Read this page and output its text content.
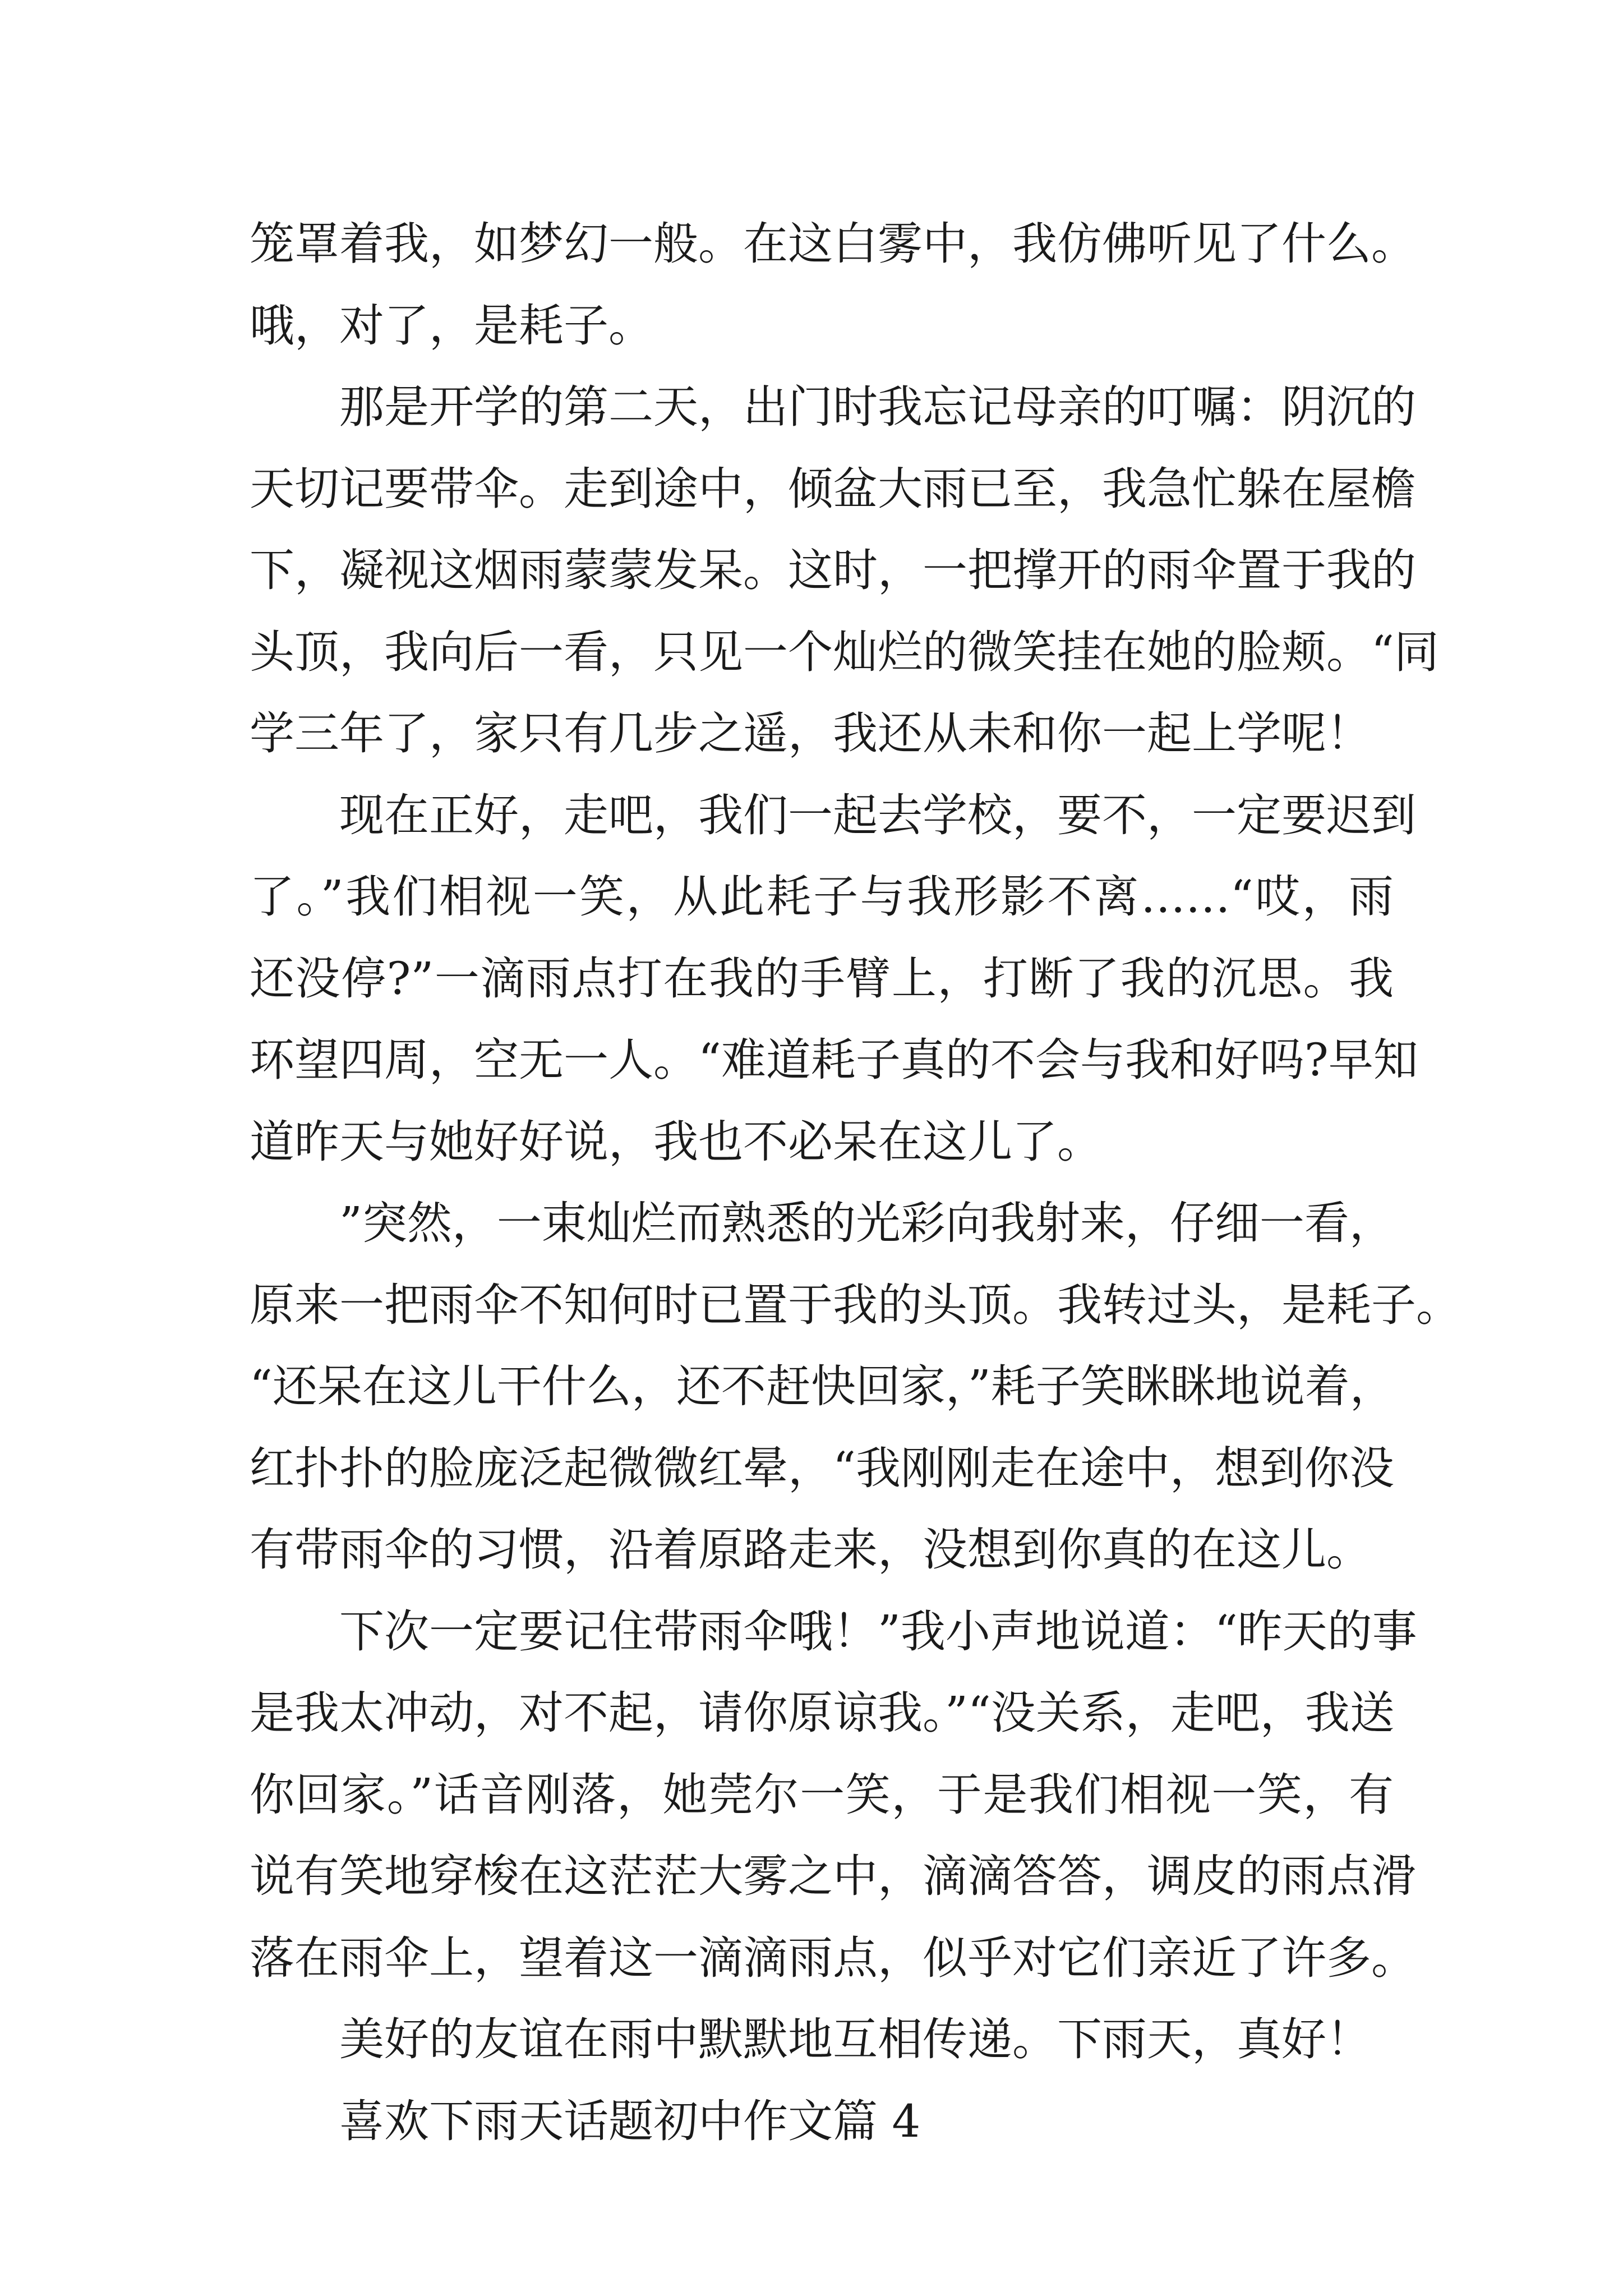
笼罩着我，如梦幻一般。在这白雾中，我仿佛听见了什么。
哦，对了，是耗子。
那是开学的第二天，出门时我忘记母亲的叮嘱：阴沉的
天切记要带伞。走到途中，倾盆大雨已至，我急忙躲在屋檐
下，凝视这烟雨蒙蒙发呆。这时，一把撑开的雨伞置于我的
头顶，我向后一看，只见一个灿烂的微笑挂在她的脸颊。“同
学三年了，家只有几步之遥，我还从未和你一起上学呢！
现在正好，走吧，我们一起去学校，要不，一定要迟到
了。”我们相视一笑，从此耗子与我形影不离……“哎，雨
还没停?”一滴雨点打在我的手臂上，打断了我的沉思。我
环望四周，空无一人。“难道耗子真的不会与我和好吗?早知
道昨天与她好好说，我也不必呆在这儿了。
”突然，一束灿烂而熟悉的光彩向我射来，仔细一看，
原来一把雨伞不知何时已置于我的头顶。我转过头，是耗子。
“还呆在这儿干什么，还不赶快回家，”耗子笑眯眯地说着，
红扑扑的脸庞泛起微微红晕，“我刚刚走在途中，想到你没
有带雨伞的习惯，沿着原路走来，没想到你真的在这儿。
下次一定要记住带雨伞哦！”我小声地说道：“昨天的事
是我太冲动，对不起，请你原谅我。”“没关系，走吧，我送
你回家。”话音刚落，她莞尔一笑，于是我们相视一笑，有
说有笑地穿梭在这茫茫大雾之中，滴滴答答，调皮的雨点滑
落在雨伞上，望着这一滴滴雨点，似乎对它们亲近了许多。
美好的友谊在雨中默默地互相传递。下雨天，真好！
喜欢下雨天话题初中作文篇 4
